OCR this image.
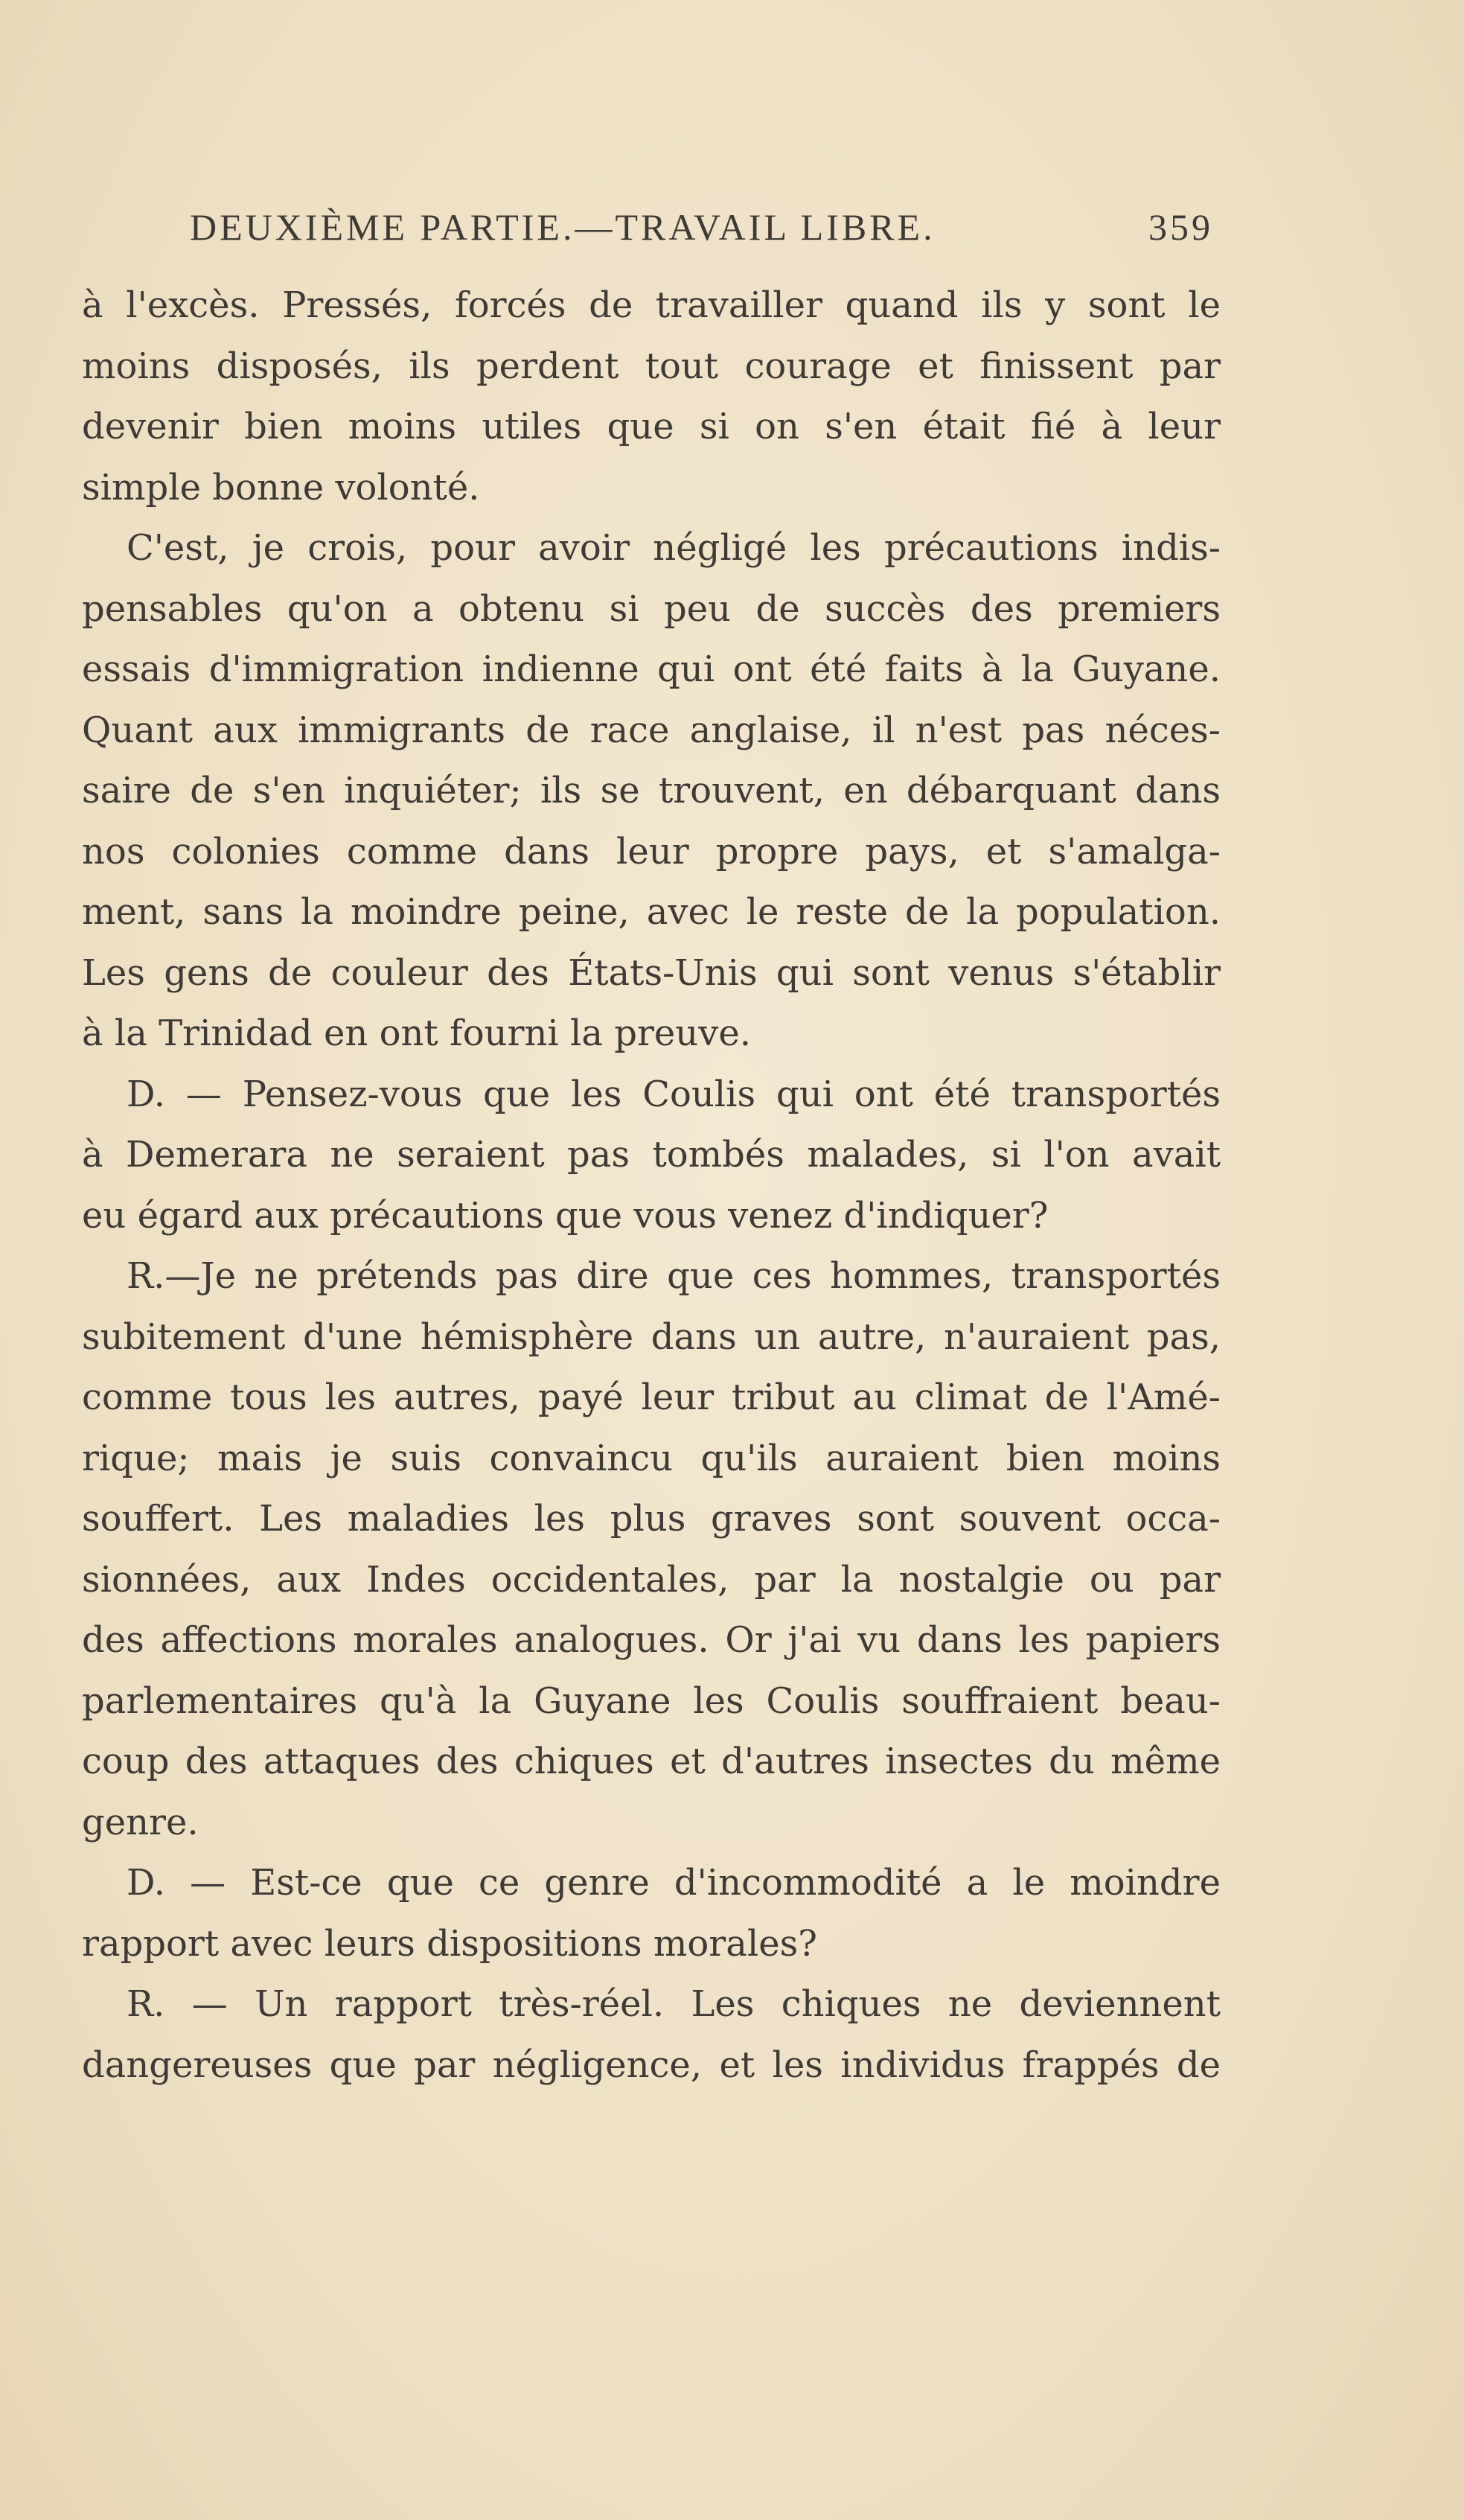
DEUXIÈME PARTIE.—TRAVAIL LIBRE.	359
à l'excès. Pressés, forcés de travailler quand ils y sont le
moins disposés, ils perdent tout courage et finissent par
devenir bien moins utiles que si on s'en était fié à leur
simple bonne volonté.
C'est, je crois, pour avoir négligé les précautions indis-
pensables qu'on a obtenu si peu de succès des premiers
essais d'immigration indienne qui ont été faits à la Guyane.
Quant aux immigrants de race anglaise, il n'est pas néces-
saire de s'en inquiéter; ils se trouvent, en débarquant dans
nos colonies comme dans leur propre pays, et s'amalga-
ment, sans la moindre peine, avec le reste de la population.
Les gens de couleur des États-Unis qui sont venus s'établir
à la Trinidad en ont fourni la preuve.
D. — Pensez-vous que les Coulis qui ont été transportés
à Demerara ne seraient pas tombés malades, si l'on avait
eu égard aux précautions que vous venez d'indiquer?
R.—Je ne prétends pas dire que ces hommes, transportés
subitement d'une hémisphère dans un autre, n'auraient pas,
comme tous les autres, payé leur tribut au climat de l'Amé-
rique; mais je suis convaincu qu'ils auraient bien moins
souffert. Les maladies les plus graves sont souvent occa-
sionnées, aux Indes occidentales, par la nostalgie ou par
des affections morales analogues. Or j'ai vu dans les papiers
parlementaires qu'à la Guyane les Coulis souffraient beau-
coup des attaques des chiques et d'autres insectes du même
genre.
D. — Est-ce que ce genre d'incommodité a le moindre
rapport avec leurs dispositions morales?
R. — Un rapport très-réel. Les chiques ne deviennent
dangereuses que par négligence, et les individus frappés de
